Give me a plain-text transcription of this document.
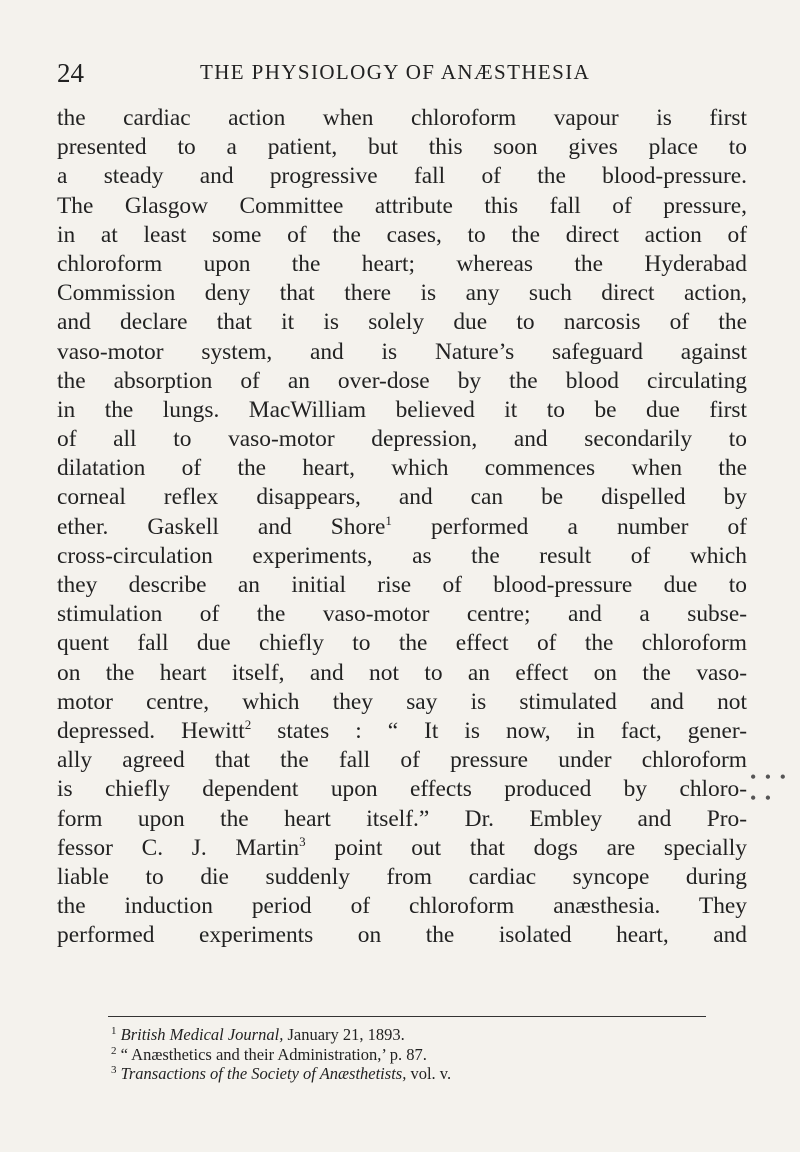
24	THE PHYSIOLOGY OF ANÆSTHESIA
the cardiac action when chloroform vapour is first
presented to a patient, but this soon gives place to
a steady and progressive fall of the blood-pressure.
The Glasgow Committee attribute this fall of pressure,
in at least some of the cases, to the direct action of
chloroform upon the heart; whereas the Hyderabad
Commission deny that there is any such direct action,
and declare that it is solely due to narcosis of the
vaso-motor system, and is Nature’s safeguard against
the absorption of an over-dose by the blood circulating
in the lungs. MacWilliam believed it to be due first
of all to vaso-motor depression, and secondarily to
dilatation of the heart, which commences when the
corneal reflex disappears, and can be dispelled by
ether. Gaskell and Shore$^1$ performed a number of
cross-circulation experiments, as the result of which
they describe an initial rise of blood-pressure due to
stimulation of the vaso-motor centre; and a subse-
quent fall due chiefly to the effect of the chloroform
on the heart itself, and not to an effect on the vaso-
motor centre, which they say is stimulated and not
depressed. Hewitt$^2$ states : “ It is now, in fact, gener-
ally agreed that the fall of pressure under chloroform
is chiefly dependent upon effects produced by chloro-
form upon the heart itself.” Dr. Embley and Pro-
fessor C. J. Martin$^3$ point out that dogs are specially
liable to die suddenly from cardiac syncope during
the induction period of chloroform anæsthesia. They
performed experiments on the isolated heart, and
• • • • •
$^1$ British Medical Journal, January 21, 1893.
$^2$ “ Anæsthetics and their Administration,’ p. 87.
$^3$ Transactions of the Society of Anæsthetists, vol. v.
